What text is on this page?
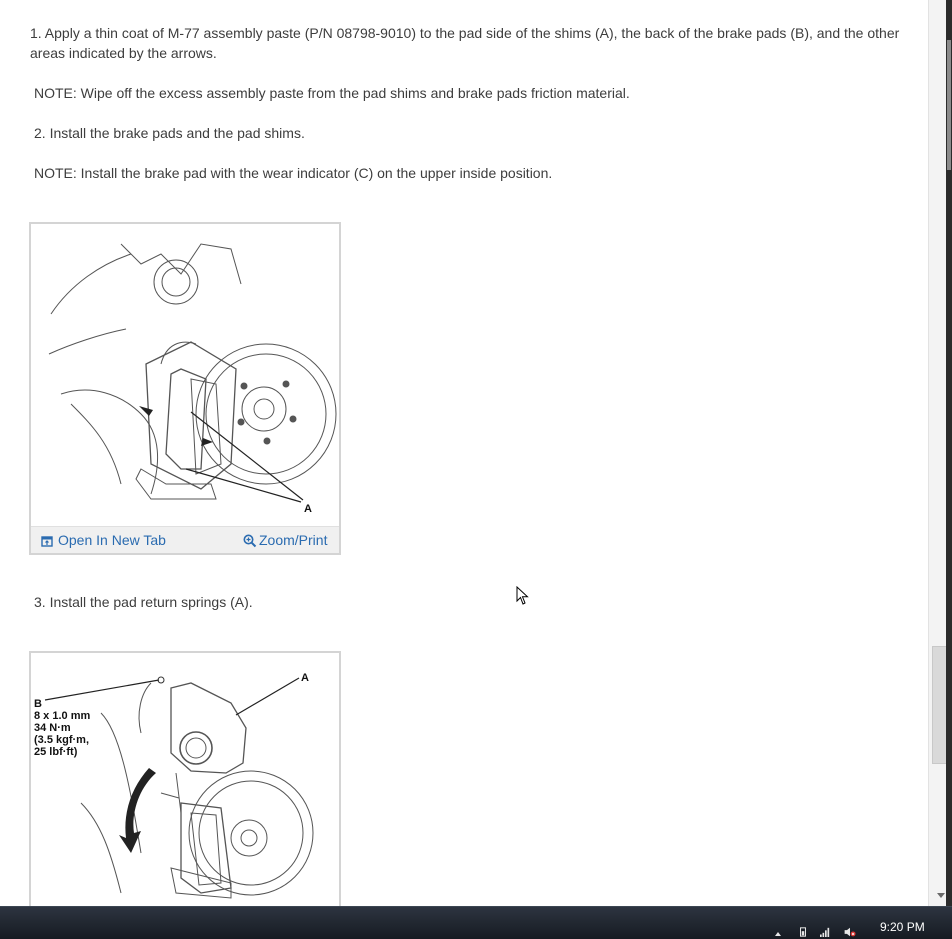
1. Apply a thin coat of M-77 assembly paste (P/N 08798-9010) to the pad side of the shims (A), the back of the brake pads (B), and the other areas indicated by the arrows.
NOTE: Wipe off the excess assembly paste from the pad shims and brake pads friction material.
2. Install the brake pads and the pad shims.
NOTE: Install the brake pad with the wear indicator (C) on the upper inside position.
A
Open In New Tab	Zoom/Print
3. Install the pad return springs (A).
A
B
8 x 1.0 mm
34 N·m
(3.5 kgf·m,
25 lbf·ft)
9:20 PM
